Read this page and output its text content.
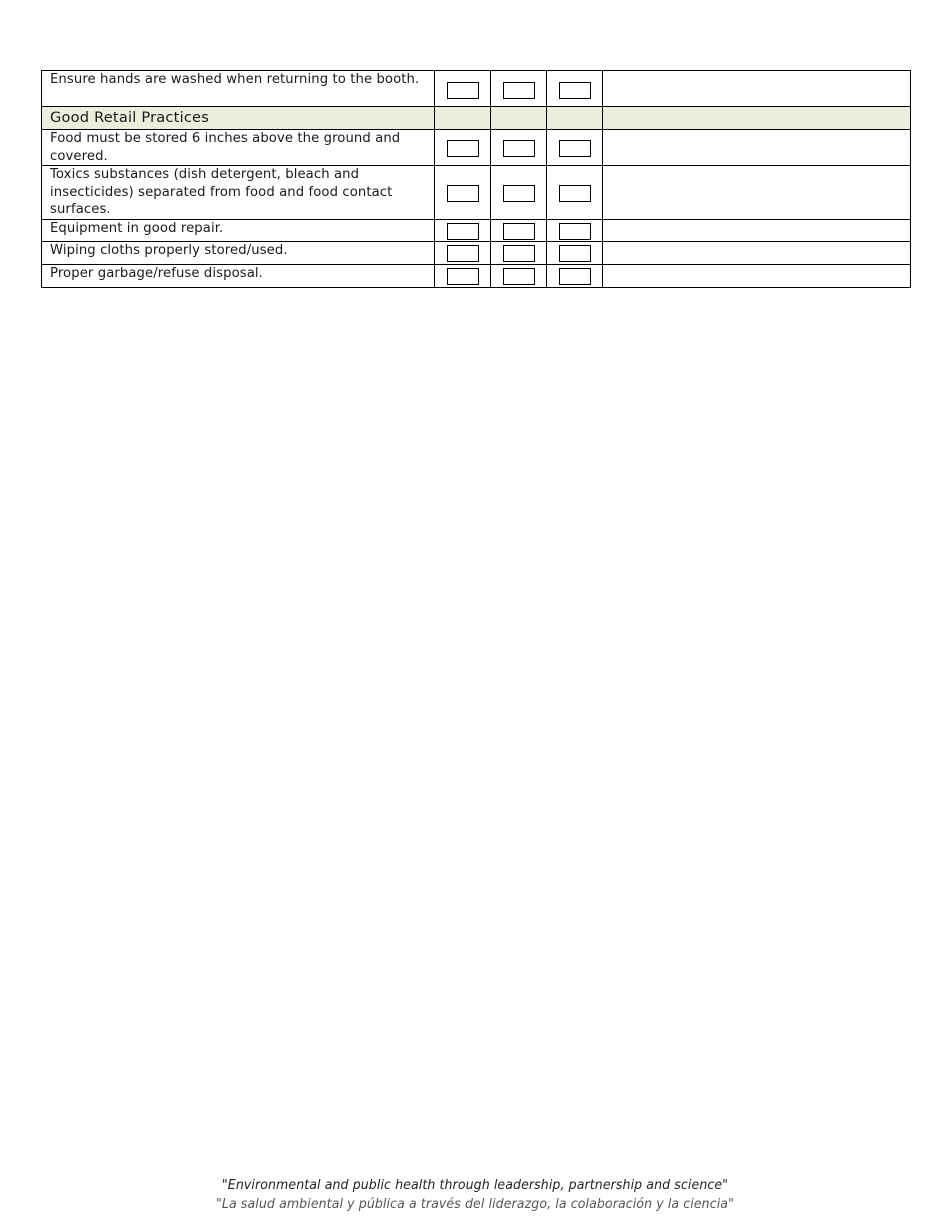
Ensure hands are washed when returning to the booth.				
Good Retail Practices				
Food must be stored 6 inches above the ground and covered.				
Toxics substances (dish detergent, bleach and insecticides) separated from food and food contact surfaces.				
Equipment in good repair.				
Wiping cloths properly stored/used.				
Proper garbage/refuse disposal.				
"Environmental and public health through leadership, partnership and science"
"La salud ambiental y pública a través del liderazgo, la colaboración y la ciencia"
